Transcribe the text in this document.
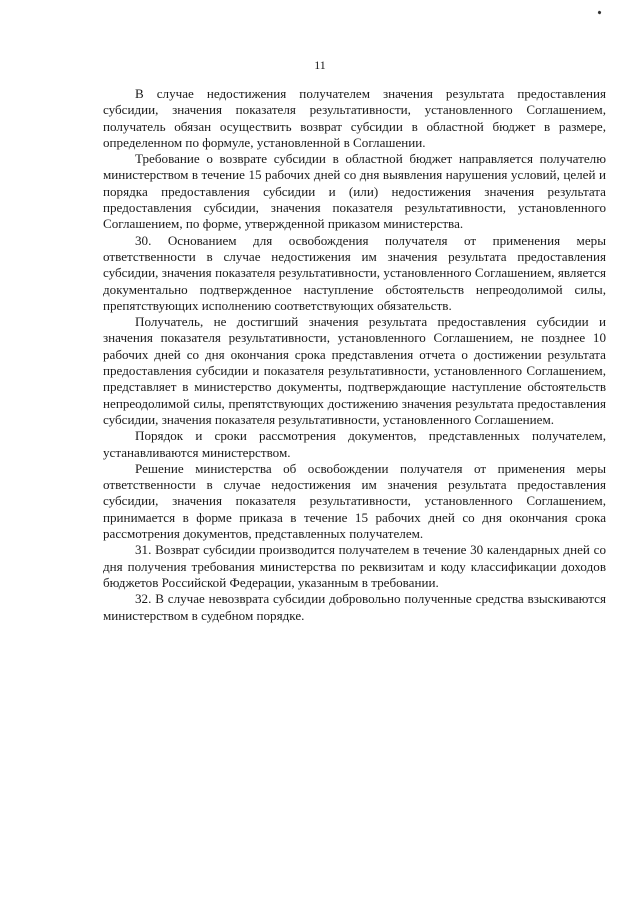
11

В случае недостижения получателем значения результата предоставления субсидии, значения показателя результативности, установленного Соглашением, получатель обязан осуществить возврат субсидии в областной бюджет в размере, определенном по формуле, установленной в Соглашении.

Требование о возврате субсидии в областной бюджет направляется получателю министерством в течение 15 рабочих дней со дня выявления нарушения условий, целей и порядка предоставления субсидии и (или) недостижения значения результата предоставления субсидии, значения показателя результативности, установленного Соглашением, по форме, утвержденной приказом министерства.

30. Основанием для освобождения получателя от применения меры ответственности в случае недостижения им значения результата предоставления субсидии, значения показателя результативности, установленного Соглашением, является документально подтвержденное наступление обстоятельств непреодолимой силы, препятствующих исполнению соответствующих обязательств.

Получатель, не достигший значения результата предоставления субсидии и значения показателя результативности, установленного Соглашением, не позднее 10 рабочих дней со дня окончания срока представления отчета о достижении результата предоставления субсидии и показателя результативности, установленного Соглашением, представляет в министерство документы, подтверждающие наступление обстоятельств непреодолимой силы, препятствующих достижению значения результата предоставления субсидии, значения показателя результативности, установленного Соглашением.

Порядок и сроки рассмотрения документов, представленных получателем, устанавливаются министерством.

Решение министерства об освобождении получателя от применения меры ответственности в случае недостижения им значения результата предоставления субсидии, значения показателя результативности, установленного Соглашением, принимается в форме приказа в течение 15 рабочих дней со дня окончания срока рассмотрения документов, представленных получателем.

31. Возврат субсидии производится получателем в течение 30 календарных дней со дня получения требования министерства по реквизитам и коду классификации доходов бюджетов Российской Федерации, указанным в требовании.

32. В случае невозврата субсидии добровольно полученные средства взыскиваются министерством в судебном порядке.
